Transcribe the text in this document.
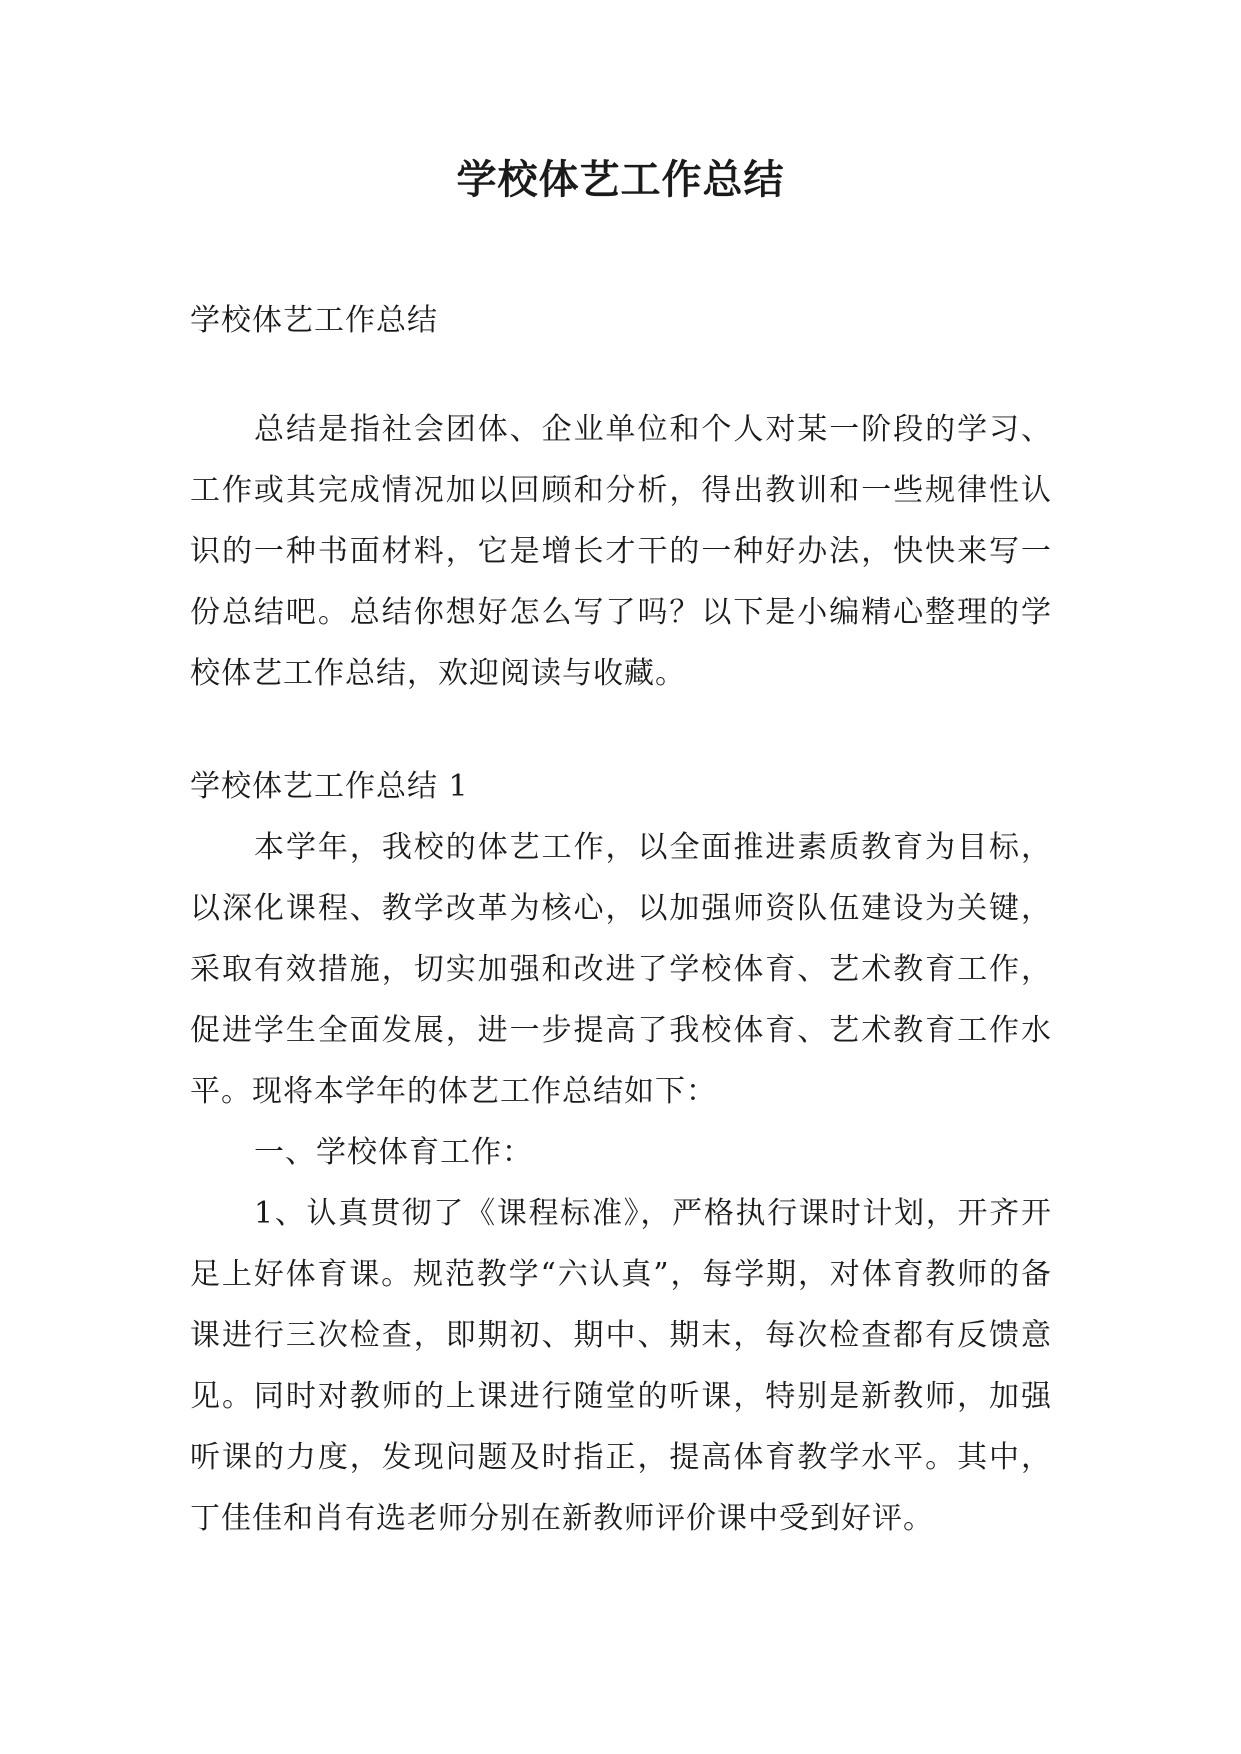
学校体艺工作总结

学校体艺工作总结

总结是指社会团体、企业单位和个人对某一阶段的学习、工作或其完成情况加以回顾和分析，得出教训和一些规律性认识的一种书面材料，它是增长才干的一种好办法，快快来写一份总结吧。总结你想好怎么写了吗？以下是小编精心整理的学校体艺工作总结，欢迎阅读与收藏。

学校体艺工作总结 1

本学年，我校的体艺工作，以全面推进素质教育为目标，以深化课程、教学改革为核心，以加强师资队伍建设为关键，采取有效措施，切实加强和改进了学校体育、艺术教育工作，促进学生全面发展，进一步提高了我校体育、艺术教育工作水平。现将本学年的体艺工作总结如下：

一、学校体育工作：

1、认真贯彻了《课程标准》，严格执行课时计划，开齐开足上好体育课。规范教学“六认真”，每学期，对体育教师的备课进行三次检查，即期初、期中、期末，每次检查都有反馈意见。同时对教师的上课进行随堂的听课，特别是新教师，加强听课的力度，发现问题及时指正，提高体育教学水平。其中，丁佳佳和肖有选老师分别在新教师评价课中受到好评。
